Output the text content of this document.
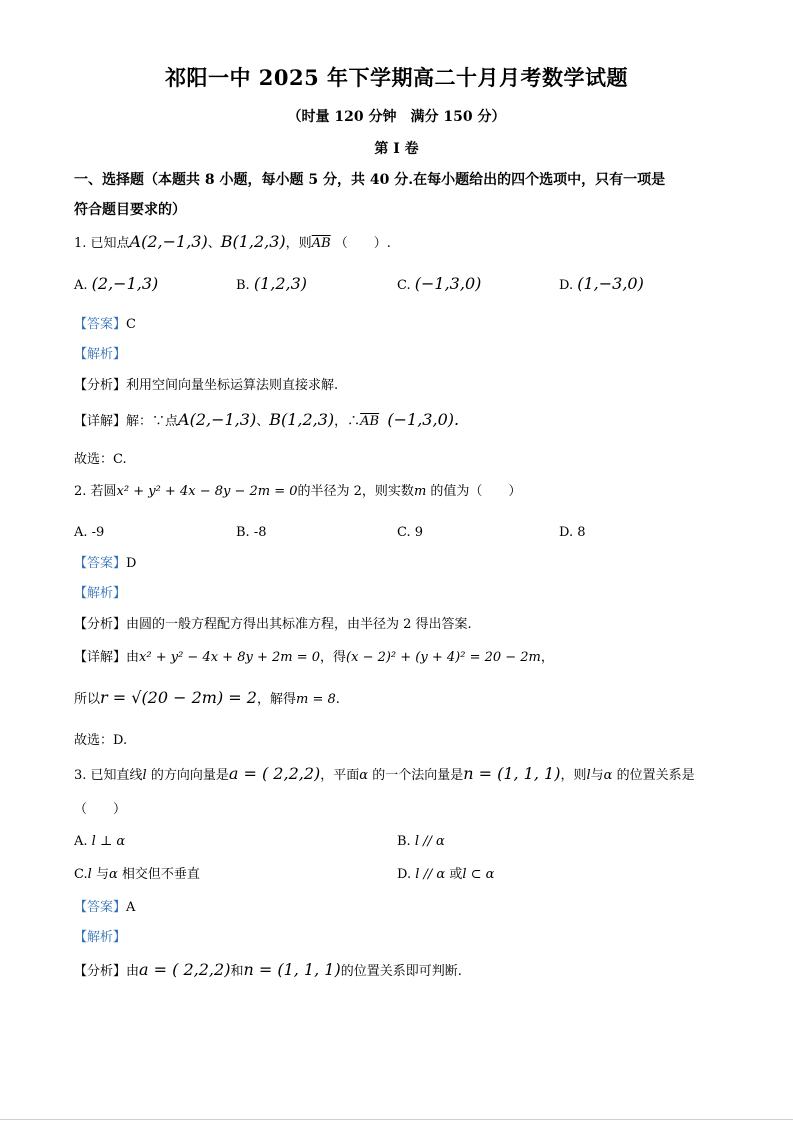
祁阳一中 2025 年下学期高二十月月考数学试题
（时量 120 分钟　满分 150 分）
第 I 卷
一、选择题（本题共 8 小题，每小题 5 分，共 40 分.在每小题给出的四个选项中，只有一项是
符合题目要求的）
1. 已知点A(2,−1,3)、B(1,2,3)，则$\overline{AB}$ （　　）.
A. (2,−1,3)	B. (1,2,3)	C. (−1,3,0)	D. (1,−3,0)
【答案】C
【解析】
【分析】利用空间向量坐标运算法则直接求解.
【详解】解：∵点A(2,−1,3)、B(1,2,3)，$\therefore\overline{AB}$ (−1,3,0).
故选：C.
2. 若圆x² + y² + 4x − 8y − 2m = 0的半径为 2，则实数m 的值为（　　）
A. -9	B. -8	C. 9	D. 8
【答案】D
【解析】
【分析】由圆的一般方程配方得出其标准方程，由半径为 2 得出答案.
【详解】由x² + y² − 4x + 8y + 2m = 0，得(x − 2)² + (y + 4)² = 20 − 2m，
所以r = √(20 − 2m) = 2，解得m = 8.
故选：D.
3. 已知直线l 的方向向量是a = ( 2,2,2)，平面α 的一个法向量是n = (1, 1, 1)，则l与α 的位置关系是
（　　）
A. l ⊥ α	B. l // α
C.l 与α 相交但不垂直	D. l // α 或l ⊂ α
【答案】A
【解析】
【分析】由a = ( 2,2,2)和n = (1, 1, 1)的位置关系即可判断.
